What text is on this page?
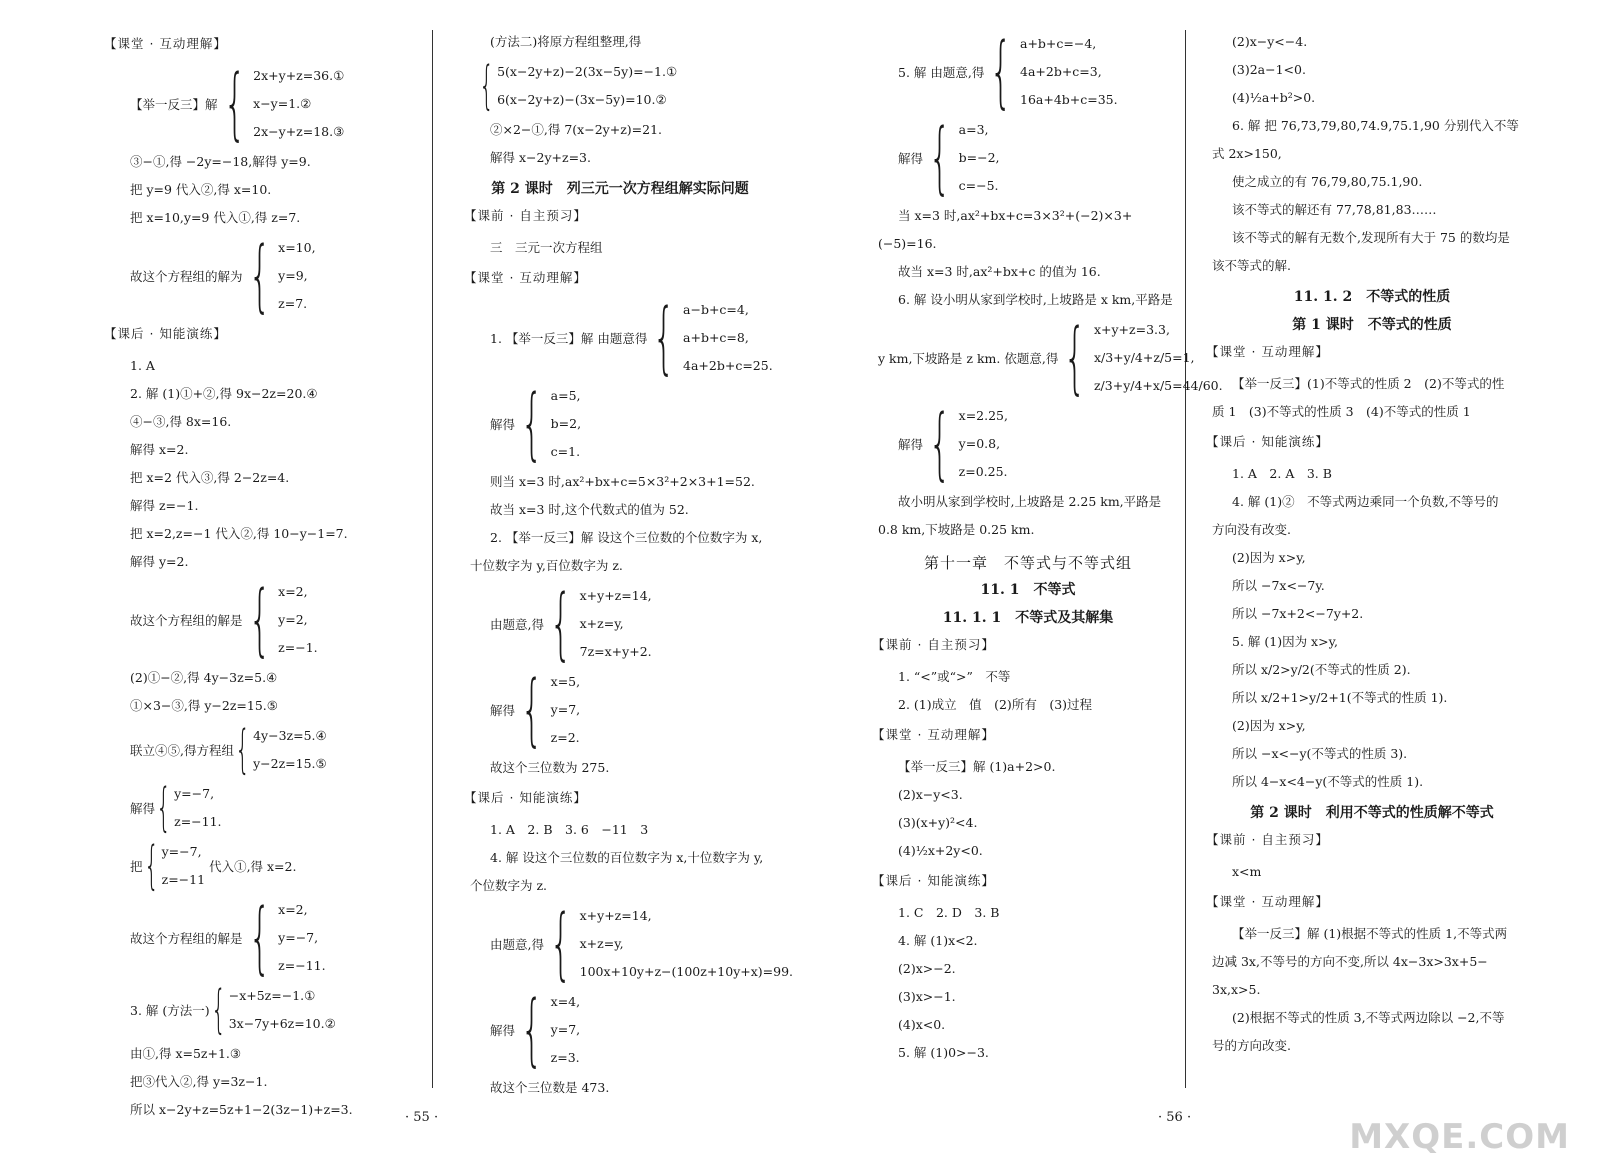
【课堂 · 互动理解】
【举一反三】解 { 2x+y+z=36.①
x−y=1.②
2x−y+z=18.③
③−①,得 −2y=−18,解得 y=9.
把 y=9 代入②,得 x=10.
把 x=10,y=9 代入①,得 z=7.
故这个方程组的解为 { x=10,
y=9,
z=7.
【课后 · 知能演练】
1. A
2. 解 (1)①+②,得 9x−2z=20.④
④−③,得 8x=16.
解得 x=2.
把 x=2 代入③,得 2−2z=4.
解得 z=−1.
把 x=2,z=−1 代入②,得 10−y−1=7.
解得 y=2.
故这个方程组的解是 { x=2,
y=2,
z=−1.
(2)①−②,得 4y−3z=5.④
①×3−③,得 y−2z=15.⑤
联立④⑤,得方程组 { 4y−3z=5.④
y−2z=15.⑤
解得 { y=−7,
z=−11.
把 { y=−7,
z=−11
代入①,得 x=2.
故这个方程组的解是 { x=2,
y=−7,
z=−11.
3. 解 (方法一) { −x+5z=−1.①
3x−7y+6z=10.②
由①,得 x=5z+1.③
把③代入②,得 y=3z−1.
所以 x−2y+z=5z+1−2(3z−1)+z=3.
(方法二)将原方程组整理,得
{ 5(x−2y+z)−2(3x−5y)=−1.①
6(x−2y+z)−(3x−5y)=10.②
②×2−①,得 7(x−2y+z)=21.
解得 x−2y+z=3.
第 2 课时　列三元一次方程组解实际问题
【课前 · 自主预习】
三　三元一次方程组
【课堂 · 互动理解】
1. 【举一反三】解 由题意得 { a−b+c=4,
a+b+c=8,
4a+2b+c=25.
解得 { a=5,
b=2,
c=1.
则当 x=3 时,ax²+bx+c=5×3²+2×3+1=52.
故当 x=3 时,这个代数式的值为 52.
2. 【举一反三】解 设这个三位数的个位数字为 x,
十位数字为 y,百位数字为 z.
由题意,得 { x+y+z=14,
x+z=y,
7z=x+y+2.
解得 { x=5,
y=7,
z=2.
故这个三位数为 275.
【课后 · 知能演练】
1. A　2. B　3. 6　−11　3
4. 解 设这个三位数的百位数字为 x,十位数字为 y,
个位数字为 z.
由题意,得 { x+y+z=14,
x+z=y,
100x+10y+z−(100z+10y+x)=99.
解得 { x=4,
y=7,
z=3.
故这个三位数是 473.
5. 解 由题意,得 { a+b+c=−4,
4a+2b+c=3,
16a+4b+c=35.
解得 { a=3,
b=−2,
c=−5.
当 x=3 时,ax²+bx+c=3×3²+(−2)×3+
(−5)=16.
故当 x=3 时,ax²+bx+c 的值为 16.
6. 解 设小明从家到学校时,上坡路是 x km,平路是
y km,下坡路是 z km. 依题意,得 { x+y+z=3.3,
x/3+y/4+z/5=1,
z/3+y/4+x/5=44/60.
解得 { x=2.25,
y=0.8,
z=0.25.
故小明从家到学校时,上坡路是 2.25 km,平路是
0.8 km,下坡路是 0.25 km.
第十一章　不等式与不等式组
11. 1　不等式
11. 1. 1　不等式及其解集
【课前 · 自主预习】
1. “<”或“>”　不等
2. (1)成立　值　(2)所有　(3)过程
【课堂 · 互动理解】
【举一反三】解 (1)a+2>0.
(2)x−y<3.
(3)(x+y)²<4.
(4)½x+2y<0.
【课后 · 知能演练】
1. C　2. D　3. B
4. 解 (1)x<2.
(2)x>−2.
(3)x>−1.
(4)x<0.
5. 解 (1)0>−3.
(2)x−y<−4.
(3)2a−1<0.
(4)½a+b²>0.
6. 解 把 76,73,79,80,74.9,75.1,90 分别代入不等
式 2x>150,
使之成立的有 76,79,80,75.1,90.
该不等式的解还有 77,78,81,83……
该不等式的解有无数个,发现所有大于 75 的数均是
该不等式的解.
11. 1. 2　不等式的性质
第 1 课时　不等式的性质
【课堂 · 互动理解】
【举一反三】(1)不等式的性质 2　(2)不等式的性
质 1　(3)不等式的性质 3　(4)不等式的性质 1
【课后 · 知能演练】
1. A　2. A　3. B
4. 解 (1)②　不等式两边乘同一个负数,不等号的
方向没有改变.
(2)因为 x>y,
所以 −7x<−7y.
所以 −7x+2<−7y+2.
5. 解 (1)因为 x>y,
所以 x/2>y/2(不等式的性质 2).
所以 x/2+1>y/2+1(不等式的性质 1).
(2)因为 x>y,
所以 −x<−y(不等式的性质 3).
所以 4−x<4−y(不等式的性质 1).
第 2 课时　利用不等式的性质解不等式
【课前 · 自主预习】
x<m
【课堂 · 互动理解】
【举一反三】解 (1)根据不等式的性质 1,不等式两
边减 3x,不等号的方向不变,所以 4x−3x>3x+5−
3x,x>5.
(2)根据不等式的性质 3,不等式两边除以 −2,不等
号的方向改变.
· 55 ·	· 56 ·	MXQE.COM
